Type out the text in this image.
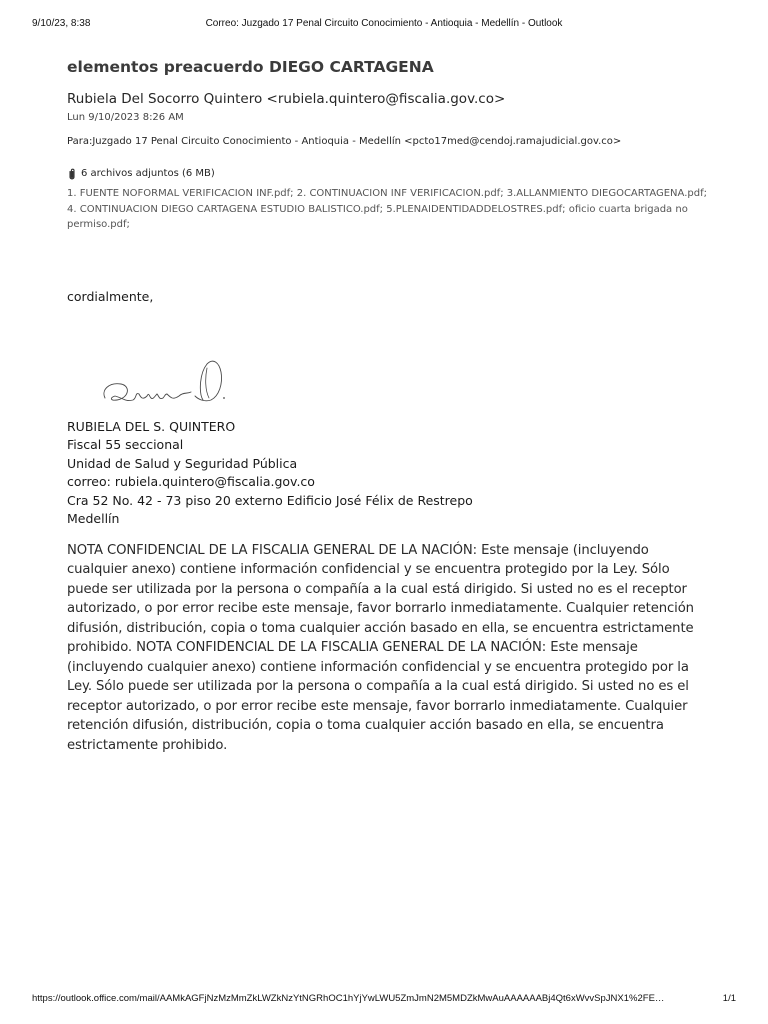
9/10/23, 8:38	Correo: Juzgado 17 Penal Circuito Conocimiento - Antioquia - Medellín - Outlook
elementos preacuerdo DIEGO CARTAGENA
Rubiela Del Socorro Quintero <rubiela.quintero@fiscalia.gov.co>
Lun 9/10/2023 8:26 AM
Para:Juzgado 17 Penal Circuito Conocimiento - Antioquia - Medellín <pcto17med@cendoj.ramajudicial.gov.co>
6 archivos adjuntos (6 MB)
1. FUENTE NOFORMAL VERIFICACION INF.pdf; 2. CONTINUACION INF VERIFICACION.pdf; 3.ALLANMIENTO DIEGOCARTAGENA.pdf; 4. CONTINUACION DIEGO CARTAGENA ESTUDIO BALISTICO.pdf; 5.PLENAIDENTIDADDELOSTRES.pdf; oficio cuarta brigada no permiso.pdf;
cordialmente,
RUBIELA DEL S. QUINTERO
Fiscal 55 seccional
Unidad de Salud y Seguridad Pública
correo: rubiela.quintero@fiscalia.gov.co
Cra 52 No. 42 - 73 piso 20 externo Edificio José Félix de Restrepo
Medellín
NOTA CONFIDENCIAL DE LA FISCALIA GENERAL DE LA NACIÓN: Este mensaje (incluyendo cualquier anexo) contiene información confidencial y se encuentra protegido por la Ley. Sólo puede ser utilizada por la persona o compañía a la cual está dirigido. Si usted no es el receptor autorizado, o por error recibe este mensaje, favor borrarlo inmediatamente. Cualquier retención difusión, distribución, copia o toma cualquier acción basado en ella, se encuentra estrictamente prohibido. NOTA CONFIDENCIAL DE LA FISCALIA GENERAL DE LA NACIÓN: Este mensaje (incluyendo cualquier anexo) contiene información confidencial y se encuentra protegido por la Ley. Sólo puede ser utilizada por la persona o compañía a la cual está dirigido. Si usted no es el receptor autorizado, o por error recibe este mensaje, favor borrarlo inmediatamente. Cualquier retención difusión, distribución, copia o toma cualquier acción basado en ella, se encuentra estrictamente prohibido.
https://outlook.office.com/mail/AAMkAGFjNzMzMmZkLWZkNzYtNGRhOC1hYjYwLWU5ZmJmN2M5MDZkMwAuAAAAAABj4Qt6xWvvSpJNX1%2FE…	1/1
